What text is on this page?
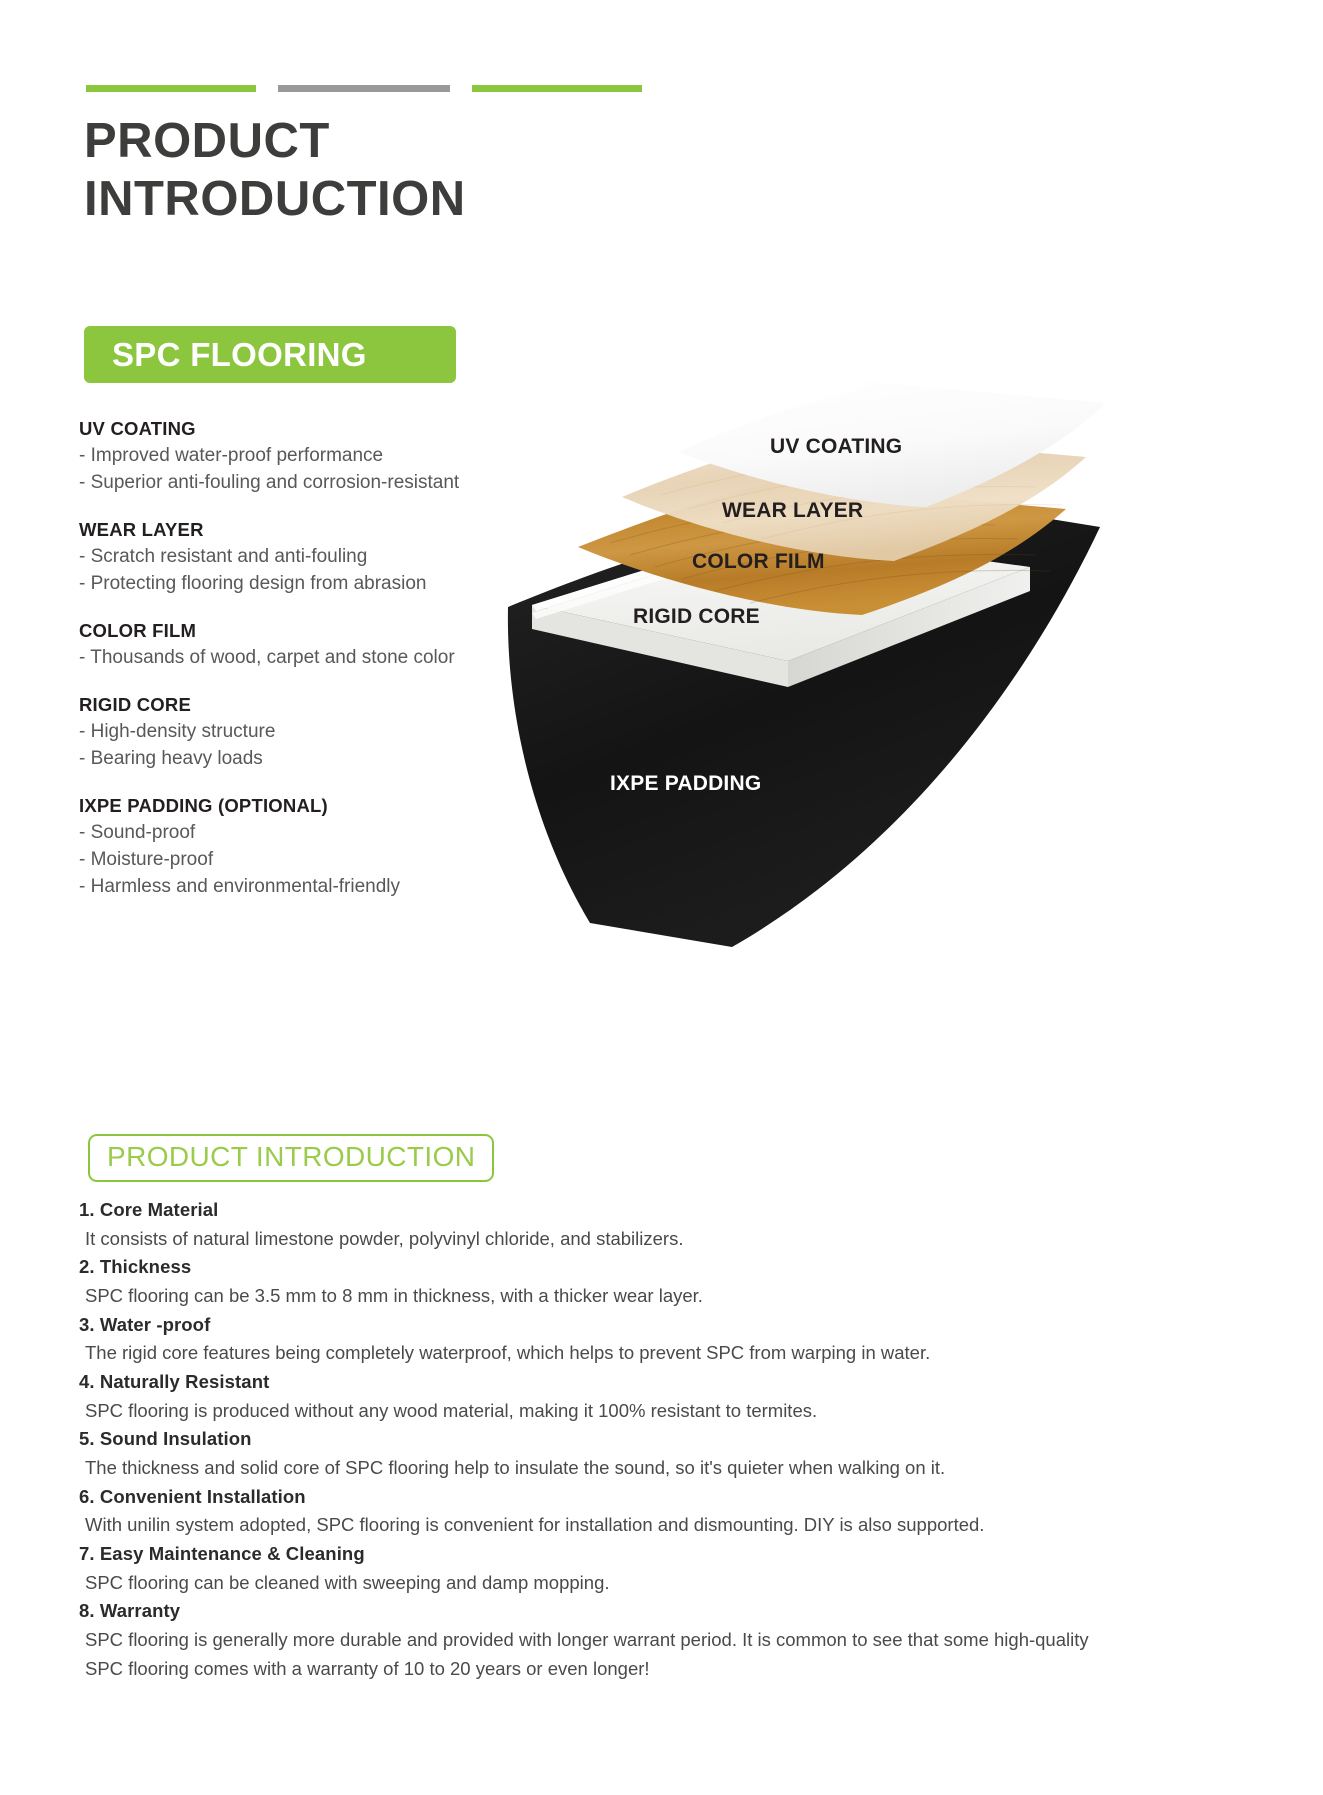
PRODUCT
INTRODUCTION
SPC FLOORING
UV COATING
- Improved water-proof performance
- Superior anti-fouling and corrosion-resistant
WEAR LAYER
- Scratch resistant and anti-fouling
- Protecting flooring design from abrasion
COLOR FILM
- Thousands of wood, carpet and stone color
RIGID CORE
- High-density structure
- Bearing heavy loads
IXPE PADDING (OPTIONAL)
- Sound-proof
- Moisture-proof
- Harmless and environmental-friendly
UV COATING
WEAR LAYER
COLOR FILM
RIGID CORE
IXPE PADDING
PRODUCT INTRODUCTION
1. Core Material
It consists of natural limestone powder, polyvinyl chloride, and stabilizers.
2. Thickness
SPC flooring can be 3.5 mm to 8 mm in thickness, with a thicker wear layer.
3. Water -proof
The rigid core features being completely waterproof, which helps to prevent SPC from warping in water.
4. Naturally Resistant
SPC flooring is produced without any wood material, making it 100% resistant to termites.
5. Sound Insulation
The thickness and solid core of SPC flooring help to insulate the sound, so it's quieter when walking on it.
6. Convenient Installation
With unilin system adopted, SPC flooring is convenient for installation and dismounting. DIY is also supported.
7. Easy Maintenance & Cleaning
SPC flooring can be cleaned with sweeping and damp mopping.
8. Warranty
SPC flooring is generally more durable and provided with longer warrant period. It is common to see that some high-quality SPC flooring comes with a warranty of 10 to 20 years or even longer!
